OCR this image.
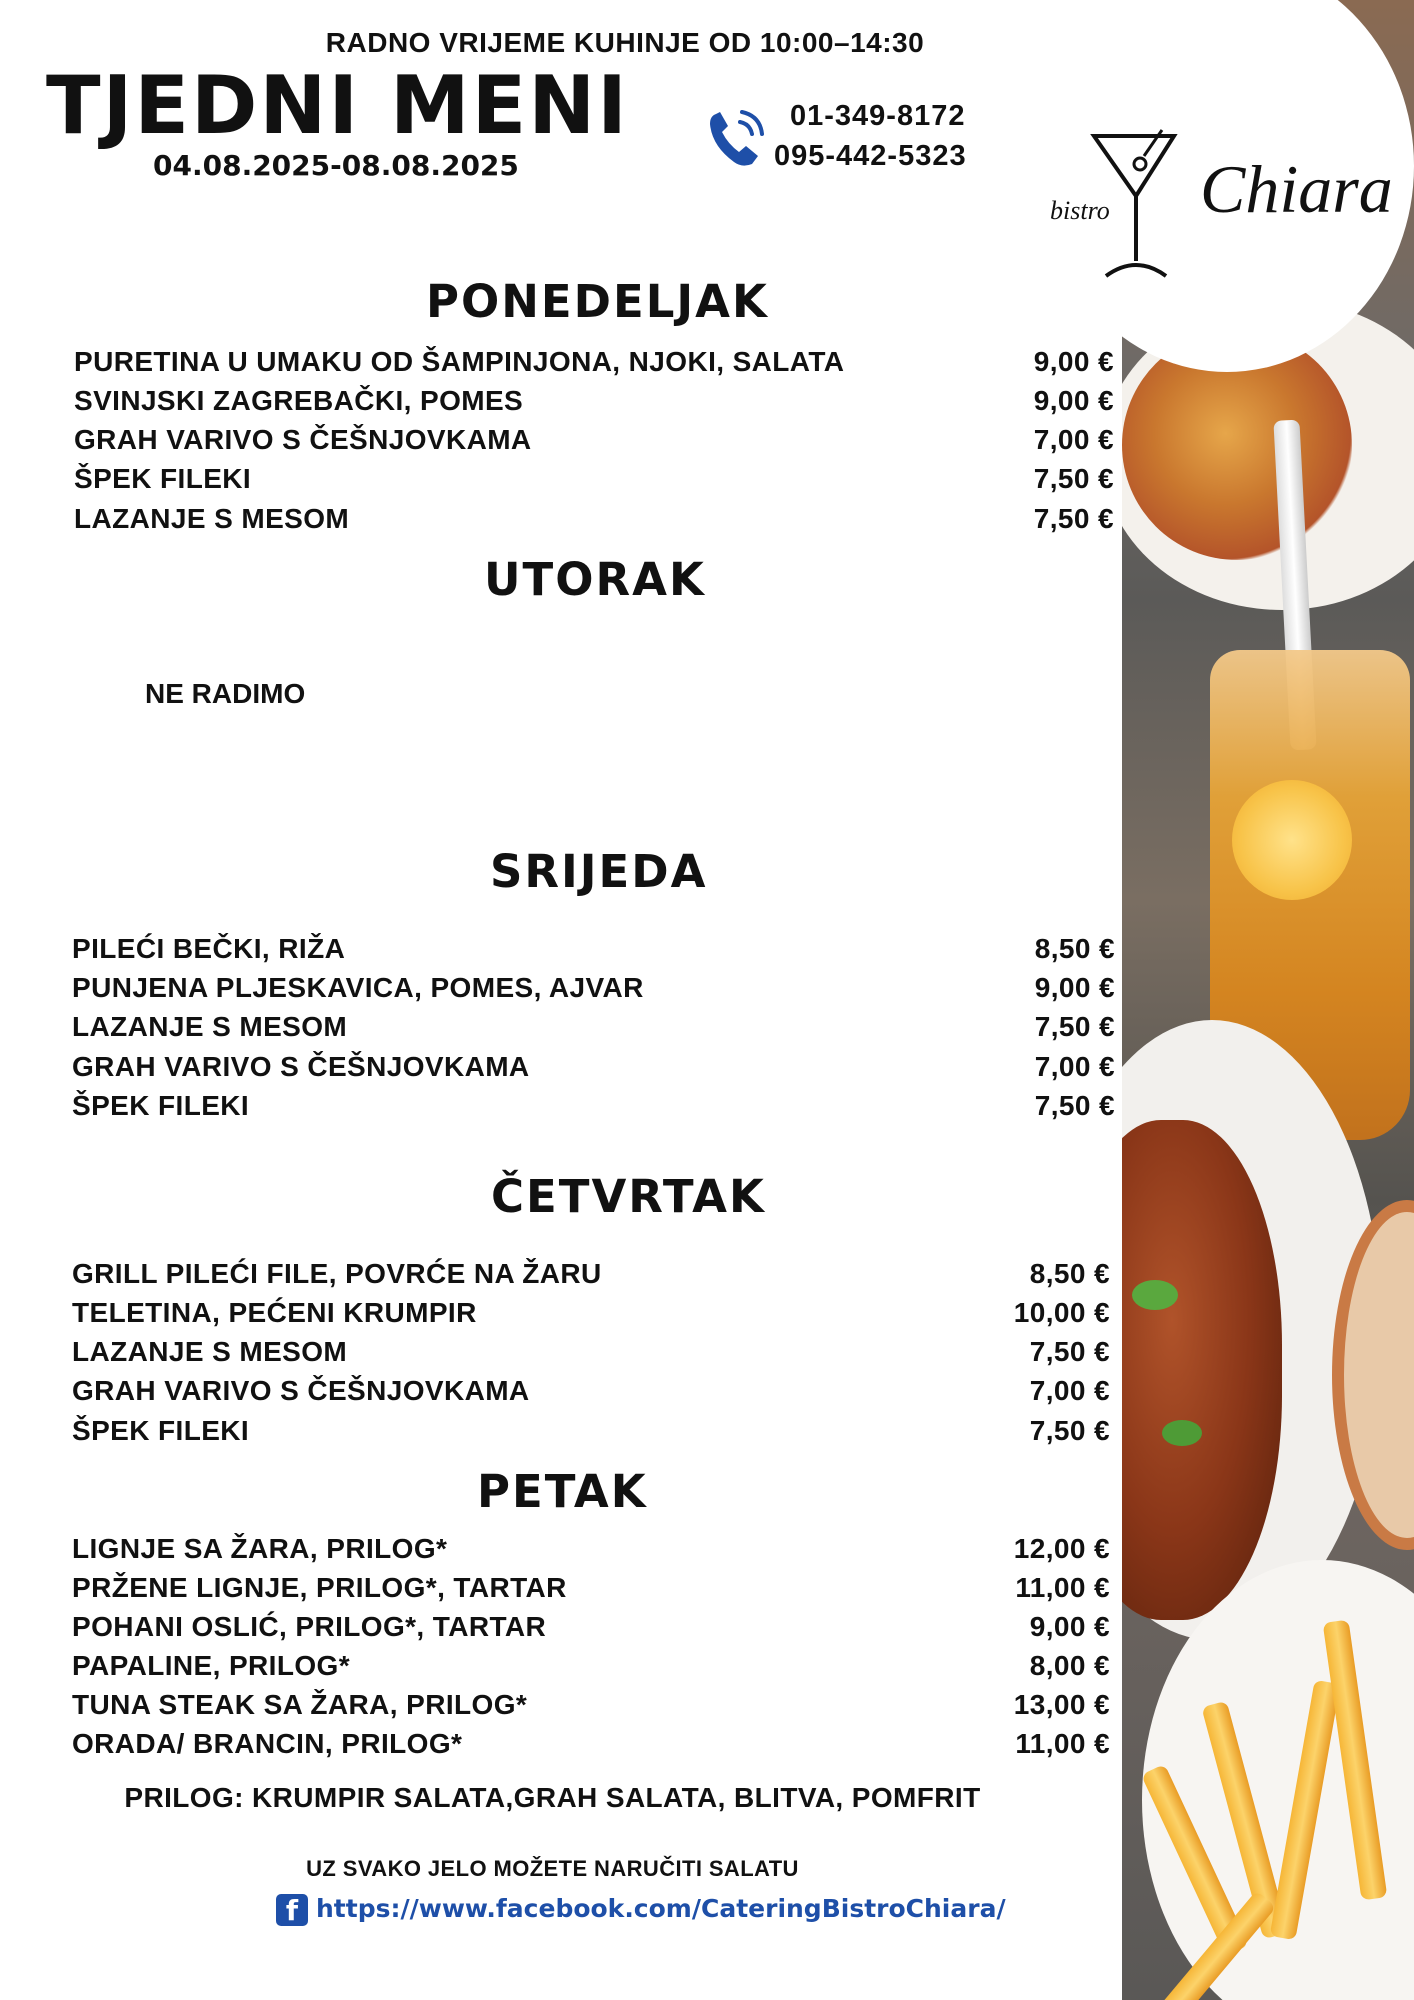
bistro Chiara
RADNO VRIJEME KUHINJE OD 10:00–14:30
TJEDNI MENI
04.08.2025-08.08.2025
01-349-8172
095-442-5323
PONEDELJAK
PURETINA U UMAKU OD ŠAMPINJONA, NJOKI, SALATA	9,00 €
SVINJSKI ZAGREBAČKI, POMES	9,00 €
GRAH VARIVO S ČEŠNJOVKAMA	7,00 €
ŠPEK FILEKI	7,50 €
LAZANJE S MESOM	7,50 €
UTORAK
NE RADIMO
SRIJEDA
PILEĆI BEČKI, RIŽA	8,50 €
PUNJENA PLJESKAVICA, POMES, AJVAR	9,00 €
LAZANJE S MESOM	7,50 €
GRAH VARIVO S ČEŠNJOVKAMA	7,00 €
ŠPEK FILEKI	7,50 €
ČETVRTAK
GRILL PILEĆI FILE, POVRĆE NA ŽARU	8,50 €
TELETINA, PEĆENI KRUMPIR	10,00 €
LAZANJE S MESOM	7,50 €
GRAH VARIVO S ČEŠNJOVKAMA	7,00 €
ŠPEK FILEKI	7,50 €
PETAK
LIGNJE SA ŽARA, PRILOG*	12,00 €
PRŽENE LIGNJE, PRILOG*, TARTAR	11,00 €
POHANI OSLIĆ, PRILOG*, TARTAR	9,00 €
PAPALINE, PRILOG*	8,00 €
TUNA STEAK SA ŽARA, PRILOG*	13,00 €
ORADA/ BRANCIN, PRILOG*	11,00 €
PRILOG: KRUMPIR SALATA,GRAH SALATA, BLITVA, POMFRIT
UZ SVAKO JELO MOŽETE NARUČITI SALATU
f https://www.facebook.com/CateringBistroChiara/
